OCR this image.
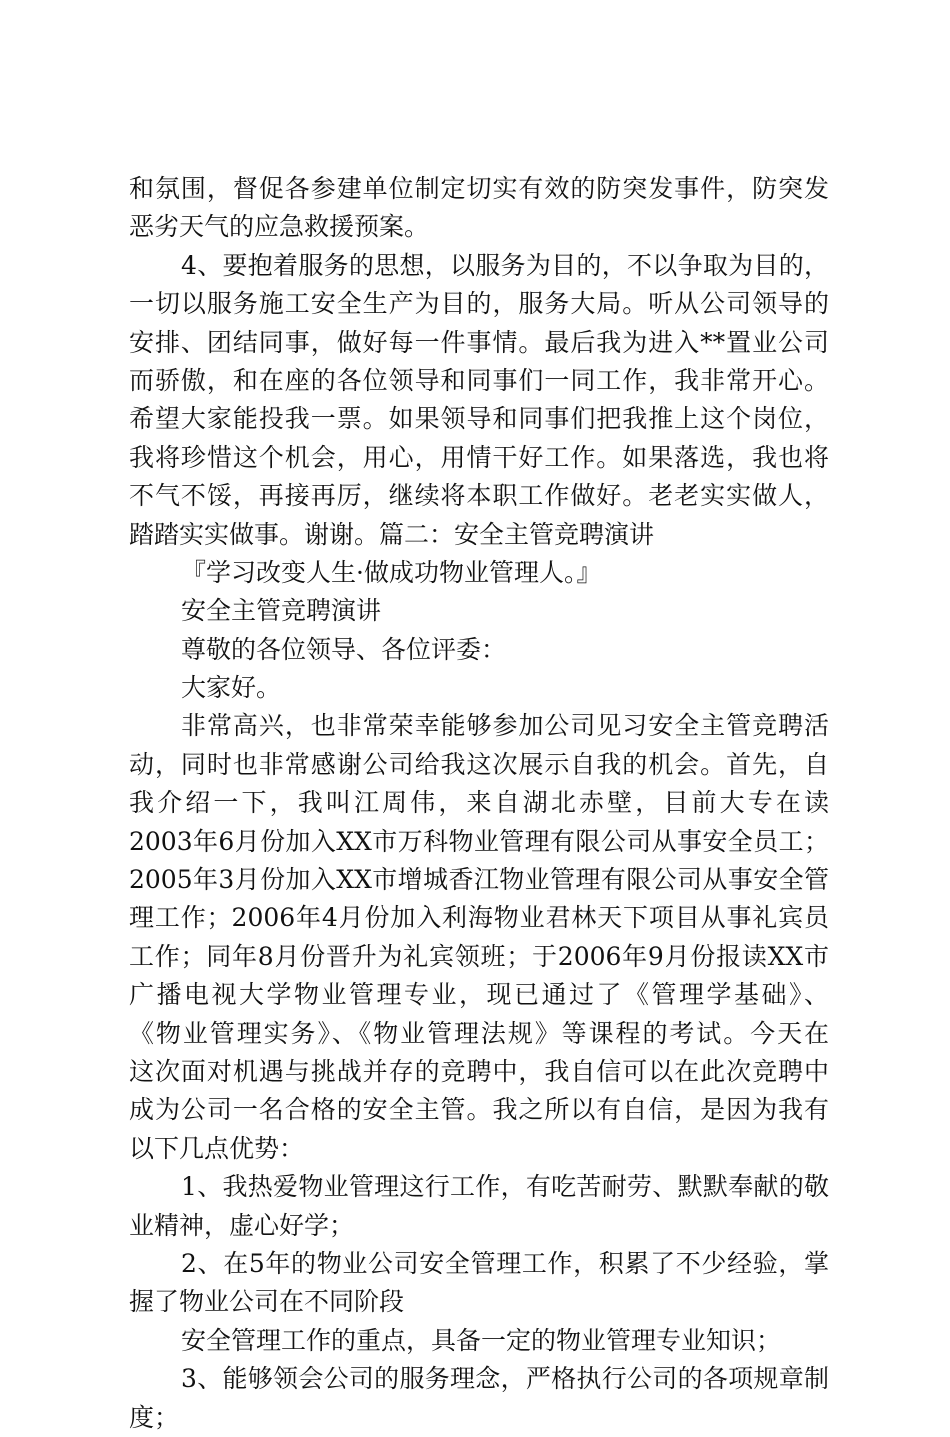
和氛围，督促各参建单位制定切实有效的防突发事件，防突发
恶劣天气的应急救援预案。
4、要抱着服务的思想，以服务为目的，不以争取为目的，
一切以服务施工安全生产为目的，服务大局。听从公司领导的
安排、团结同事，做好每一件事情。最后我为进入**置业公司
而骄傲，和在座的各位领导和同事们一同工作，我非常开心。
希望大家能投我一票。如果领导和同事们把我推上这个岗位，
我将珍惜这个机会，用心，用情干好工作。如果落选，我也将
不气不馁，再接再厉，继续将本职工作做好。老老实实做人，
踏踏实实做事。谢谢。篇二：安全主管竞聘演讲
『学习改变人生·做成功物业管理人。』
安全主管竞聘演讲
尊敬的各位领导、各位评委：
大家好。
非常高兴，也非常荣幸能够参加公司见习安全主管竞聘活
动，同时也非常感谢公司给我这次展示自我的机会。首先，自
我介绍一下，我叫江周伟，来自湖北赤壁，目前大专在读
2003年6月份加入XX市万科物业管理有限公司从事安全员工；
2005年3月份加入XX市增城香江物业管理有限公司从事安全管
理工作；2006年4月份加入利海物业君林天下项目从事礼宾员
工作；同年8月份晋升为礼宾领班；于2006年9月份报读XX市
广播电视大学物业管理专业，现已通过了《管理学基础》、
《物业管理实务》、《物业管理法规》等课程的考试。今天在
这次面对机遇与挑战并存的竞聘中，我自信可以在此次竞聘中
成为公司一名合格的安全主管。我之所以有自信，是因为我有
以下几点优势：
1、我热爱物业管理这行工作，有吃苦耐劳、默默奉献的敬
业精神，虚心好学；
2、在5年的物业公司安全管理工作，积累了不少经验，掌
握了物业公司在不同阶段
安全管理工作的重点，具备一定的物业管理专业知识；
3、能够领会公司的服务理念，严格执行公司的各项规章制
度；
